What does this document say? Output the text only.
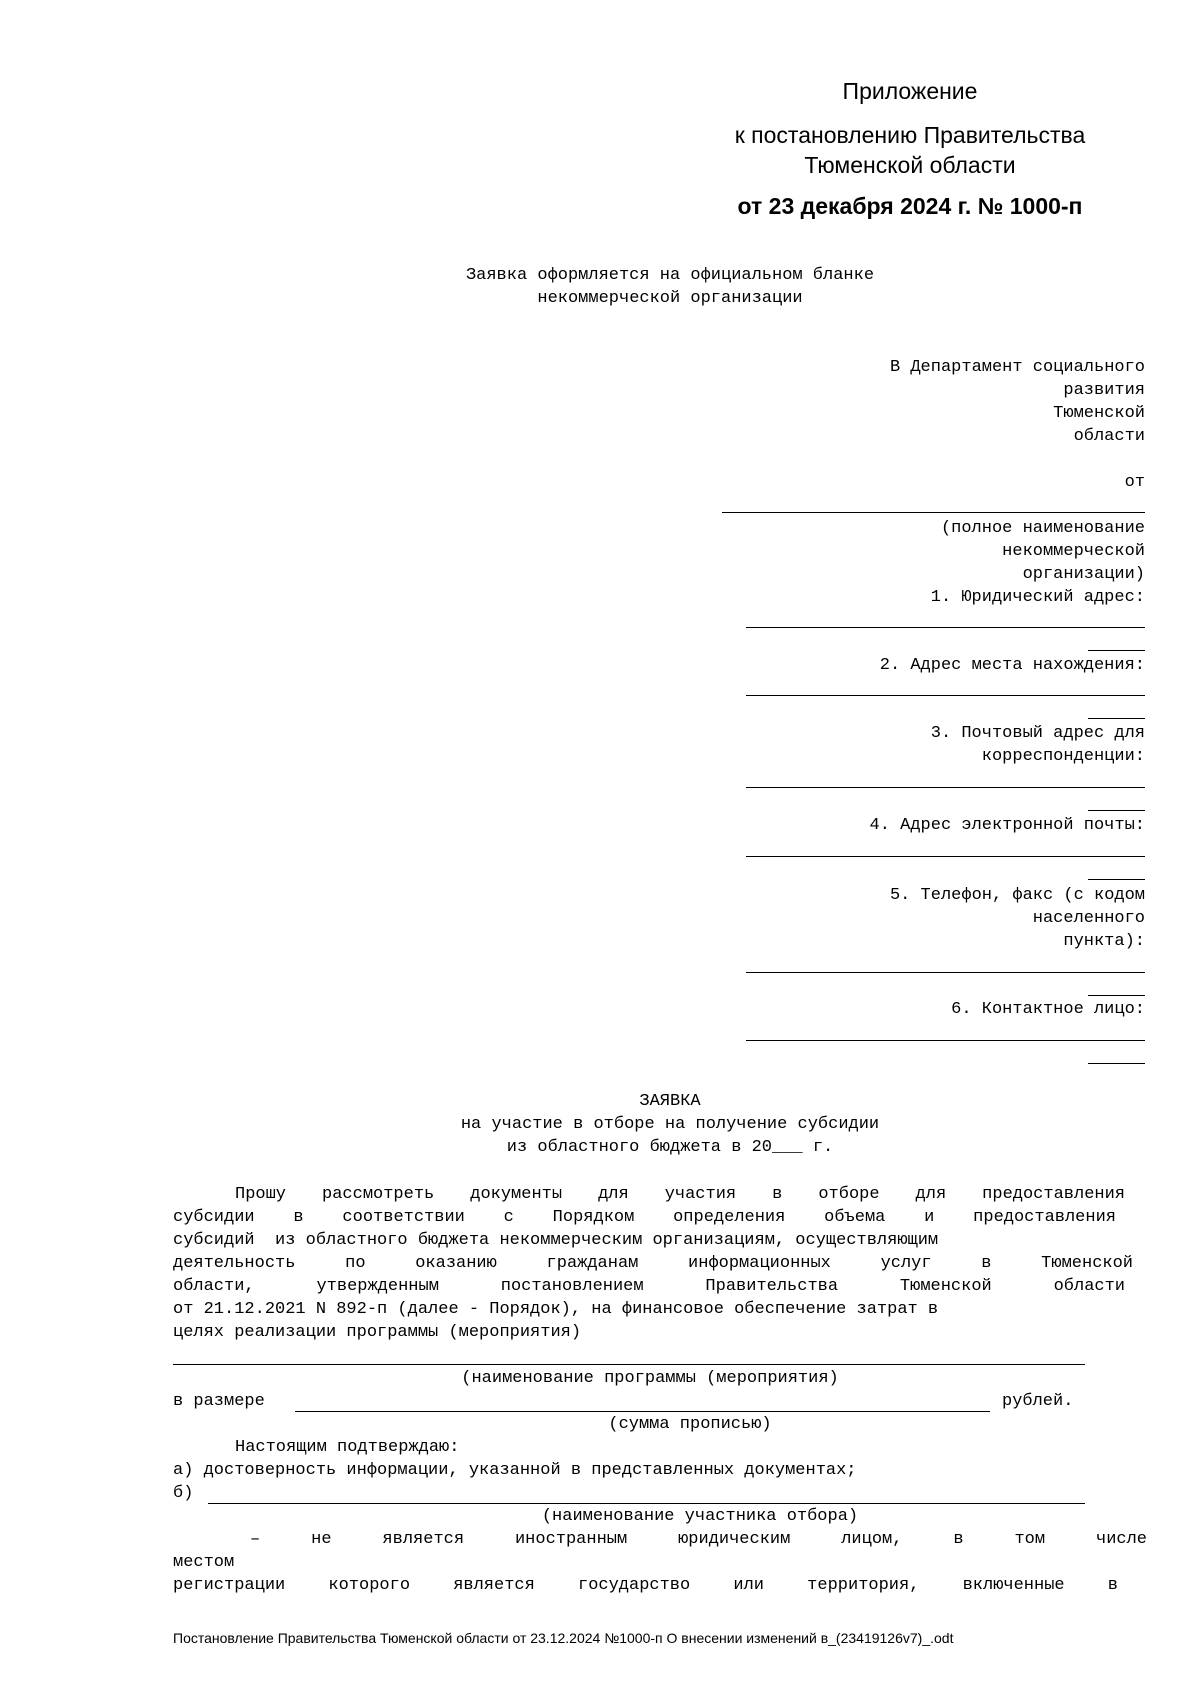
Приложение
к постановлению Правительства
Тюменской области
от 23 декабря 2024 г. № 1000-п
Заявка оформляется на официальном бланке
некоммерческой организации
В Департамент социального
развития
Тюменской
области
от
(полное наименование
некоммерческой
организации)
1. Юридический адрес:
2. Адрес места нахождения:
3. Почтовый адрес для
корреспонденции:
4. Адрес электронной почты:
5. Телефон, факс (с кодом
населенного
пункта):
6. Контактное лицо:
ЗАЯВКА
на участие в отборе на получение субсидии
из областного бюджета в 20___ г.
Прошу рассмотреть документы для участия в отборе для предоставления
субсидии в соответствии с Порядком определения объема и предоставления
субсидий  из областного бюджета некоммерческим организациям, осуществляющим
деятельность по оказанию гражданам информационных услуг в Тюменской
области, утвержденным постановлением Правительства Тюменской области
от 21.12.2021 N 892-п (далее - Порядок), на финансовое обеспечение затрат в
целях реализации программы (мероприятия)
(наименование программы (мероприятия)
в размере	рублей.
(сумма прописью)
Настоящим подтверждаю:
а) достоверность информации, указанной в представленных документах;
б)
(наименование участника отбора)
– не является иностранным юридическим лицом, в том числе
местом
регистрации которого является государство или территория, включенные в
Постановление Правительства Тюменской области от 23.12.2024 №1000-п О внесении изменений в_(23419126v7)_.odt
